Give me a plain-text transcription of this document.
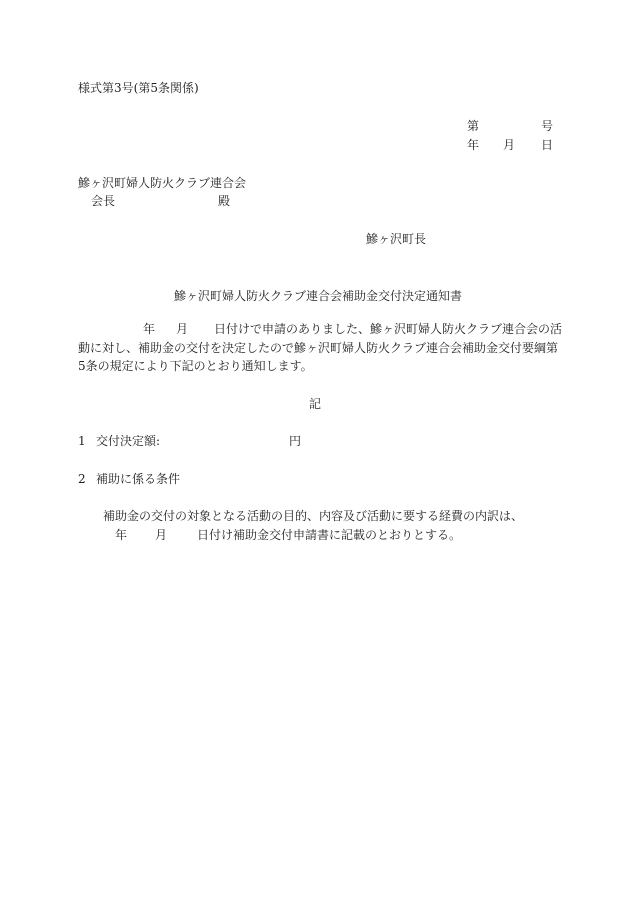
様式第3号(第5条関係)
第	号
年 月 日
鰺ヶ沢町婦人防火クラブ連合会
会長	殿
鰺ヶ沢町長
鰺ヶ沢町婦人防火クラブ連合会補助金交付決定通知書
年 月 日付けで申請のありました、鰺ヶ沢町婦人防火クラブ連合会の活
動に対し、補助金の交付を決定したので鰺ヶ沢町婦人防火クラブ連合会補助金交付要綱第
5条の規定により下記のとおり通知します。
記
1 交付決定額:	円
2 補助に係る条件
補助金の交付の対象となる活動の目的、内容及び活動に要する経費の内訳は、
年 月 日付け補助金交付申請書に記載のとおりとする。
